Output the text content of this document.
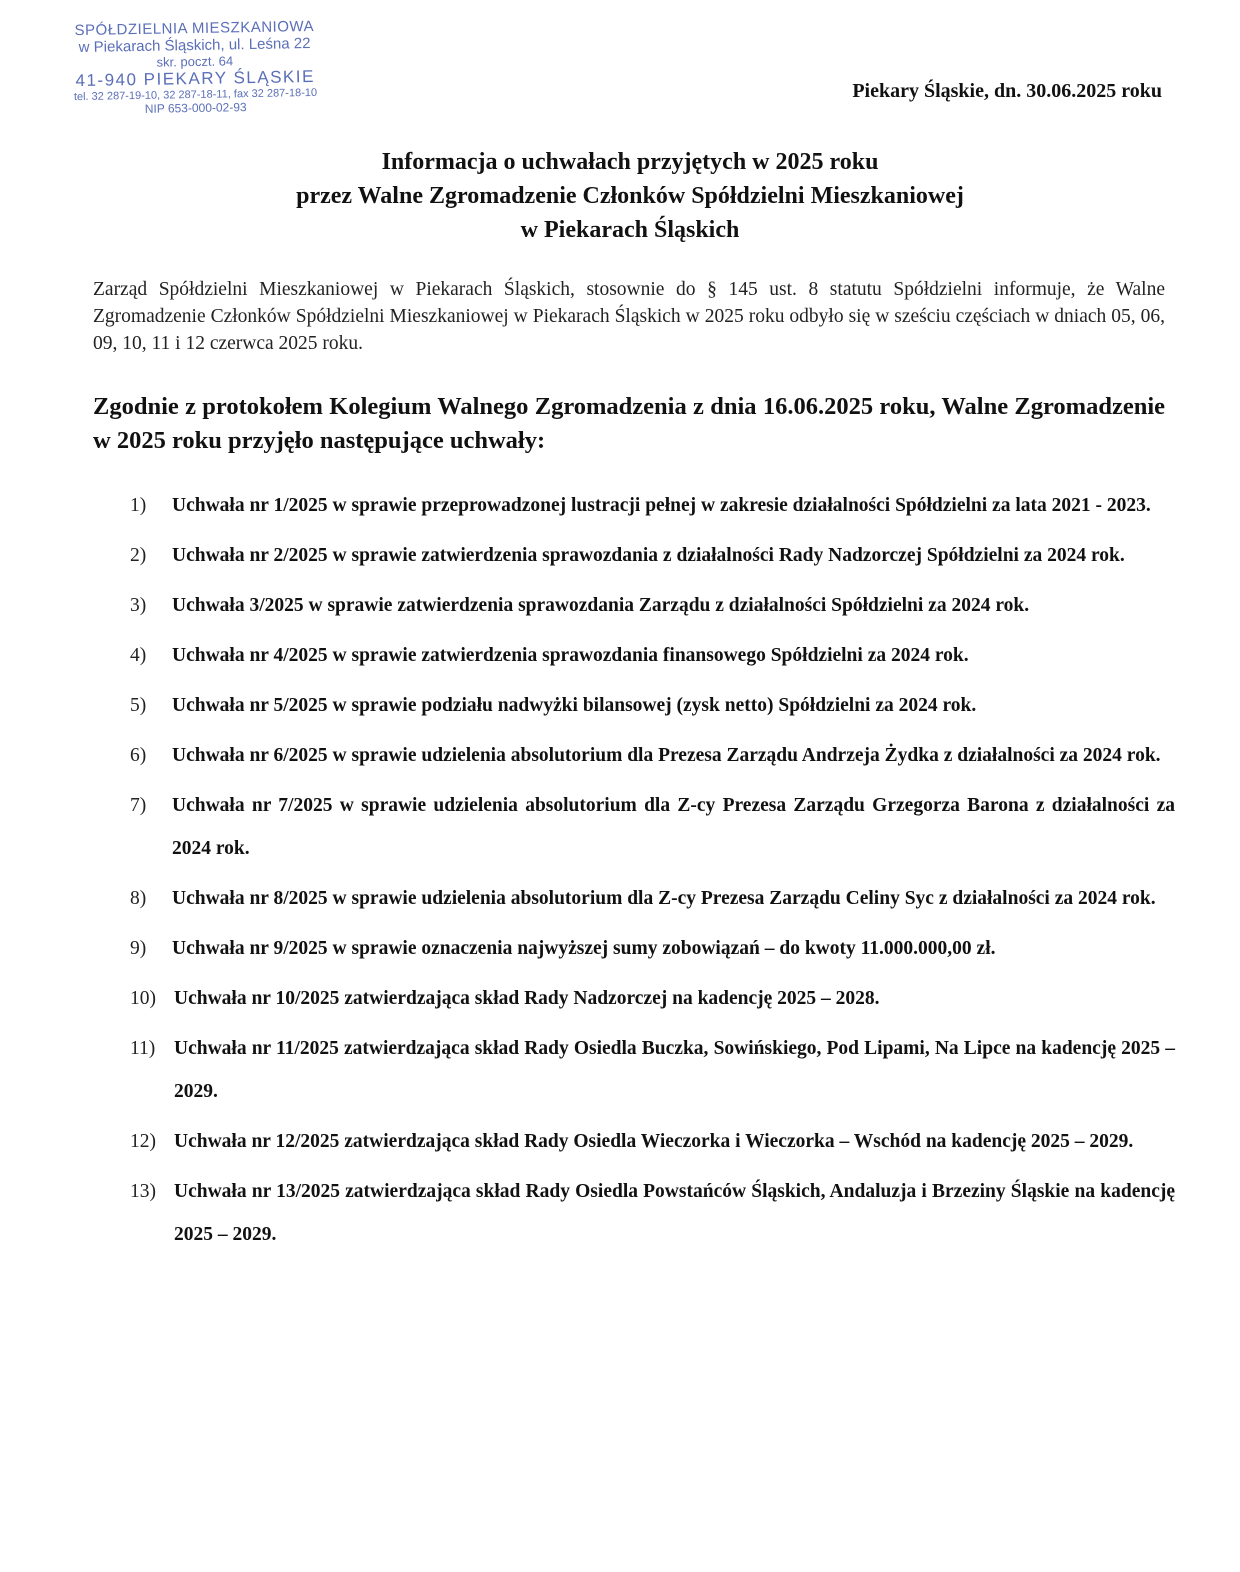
SPÓŁDZIELNIA MIESZKANIOWA
w Piekarach Śląskich, ul. Leśna 22
skr. poczt. 64
41-940 PIEKARY ŚLĄSKIE
tel. 32 287-19-10, 32 287-18-11, fax 32 287-18-10
NIP 653-000-02-93
Piekary Śląskie, dn. 30.06.2025 roku
Informacja o uchwałach przyjętych w 2025 roku
przez Walne Zgromadzenie Członków Spółdzielni Mieszkaniowej
w Piekarach Śląskich

Zarząd Spółdzielni Mieszkaniowej w Piekarach Śląskich, stosownie do § 145 ust. 8 statutu Spółdzielni informuje, że Walne Zgromadzenie Członków Spółdzielni Mieszkaniowej w Piekarach Śląskich w 2025 roku odbyło się w sześciu częściach w dniach 05, 06, 09, 10, 11 i 12 czerwca 2025 roku.

Zgodnie z protokołem Kolegium Walnego Zgromadzenia z dnia 16.06.2025 roku, Walne Zgromadzenie w 2025 roku przyjęło następujące uchwały:

1)	Uchwała nr 1/2025 w sprawie przeprowadzonej lustracji pełnej w zakresie działalności Spółdzielni za lata 2021 - 2023.
2)	Uchwała nr 2/2025 w sprawie zatwierdzenia sprawozdania z działalności Rady Nadzorczej Spółdzielni za 2024 rok.
3)	Uchwała 3/2025 w sprawie zatwierdzenia sprawozdania Zarządu z działalności Spółdzielni za 2024 rok.
4)	Uchwała nr 4/2025 w sprawie zatwierdzenia sprawozdania finansowego Spółdzielni za 2024 rok.
5)	Uchwała nr 5/2025 w sprawie podziału nadwyżki bilansowej (zysk netto) Spółdzielni za 2024 rok.
6)	Uchwała nr 6/2025 w sprawie udzielenia absolutorium dla Prezesa Zarządu Andrzeja Żydka z działalności za 2024 rok.
7)	Uchwała nr 7/2025 w sprawie udzielenia absolutorium dla Z-cy Prezesa Zarządu Grzegorza Barona z działalności za 2024 rok.
8)	Uchwała nr 8/2025 w sprawie udzielenia absolutorium dla Z-cy Prezesa Zarządu Celiny Syc z działalności za 2024 rok.
9)	Uchwała nr 9/2025 w sprawie oznaczenia najwyższej sumy zobowiązań – do kwoty 11.000.000,00 zł.
10) Uchwała nr 10/2025 zatwierdzająca skład Rady Nadzorczej na kadencję 2025 – 2028.
11) Uchwała nr 11/2025 zatwierdzająca skład Rady Osiedla Buczka, Sowińskiego, Pod Lipami, Na Lipce na kadencję 2025 – 2029.
12) Uchwała nr 12/2025 zatwierdzająca skład Rady Osiedla Wieczorka i Wieczorka – Wschód na kadencję 2025 – 2029.
13) Uchwała nr 13/2025 zatwierdzająca skład Rady Osiedla Powstańców Śląskich, Andaluzja i Brzeziny Śląskie na kadencję 2025 – 2029.
